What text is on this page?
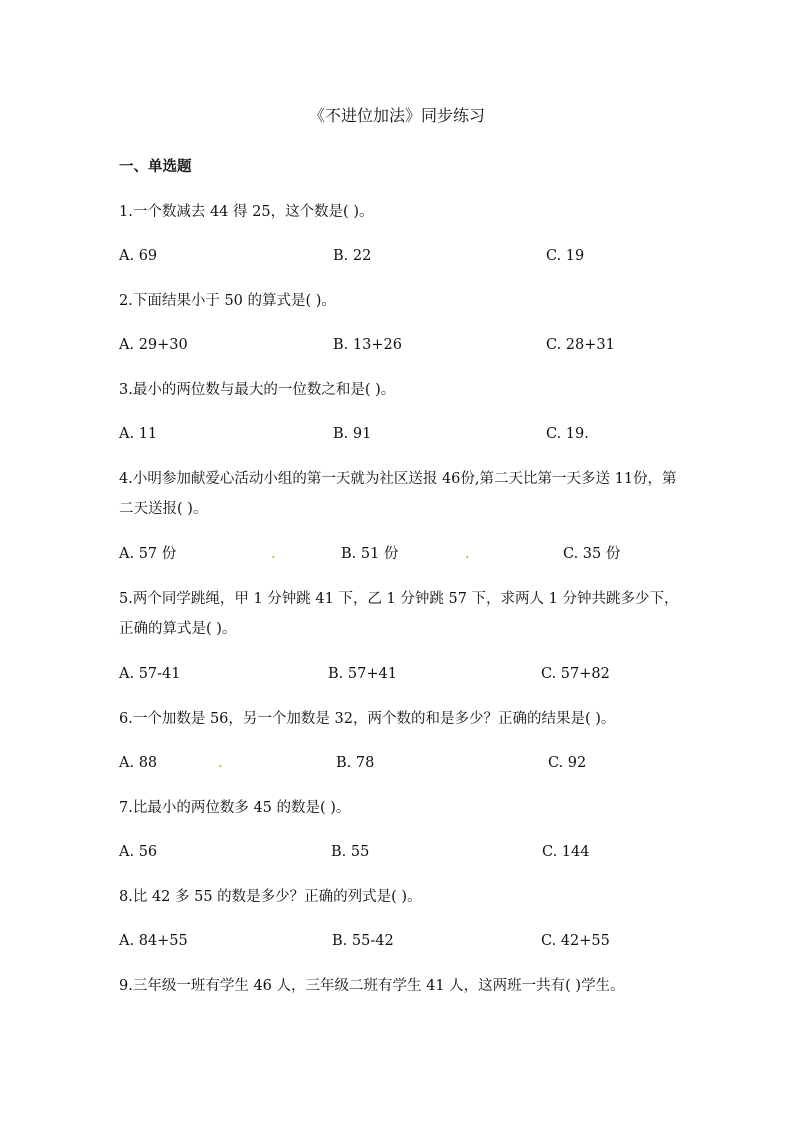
《不进位加法》同步练习
一、单选题
1.一个数减去 44 得 25，这个数是( )。
A. 69	B. 22	C. 19
2.下面结果小于 50 的算式是( )。
A. 29+30	B. 13+26	C. 28+31
3.最小的两位数与最大的一位数之和是( )。
A. 11	B. 91	C. 19.
4.小明参加献爱心活动小组的第一天就为社区送报 46份,第二天比第一天多送 11份，第二天送报( )。
A. 57 份	.	B. 51 份	.	C. 35 份
5.两个同学跳绳，甲 1 分钟跳 41 下，乙 1 分钟跳 57 下，求两人 1 分钟共跳多少下，正确的算式是( )。
A. 57-41	B. 57+41	C. 57+82
6.一个加数是 56，另一个加数是 32，两个数的和是多少？正确的结果是( )。
A. 88	.	B. 78	C. 92
7.比最小的两位数多 45 的数是( )。
A. 56	B. 55	C. 144
8.比 42 多 55 的数是多少？正确的列式是( )。
A. 84+55	B. 55-42	C. 42+55
9.三年级一班有学生 46 人，三年级二班有学生 41 人，这两班一共有( )学生。
